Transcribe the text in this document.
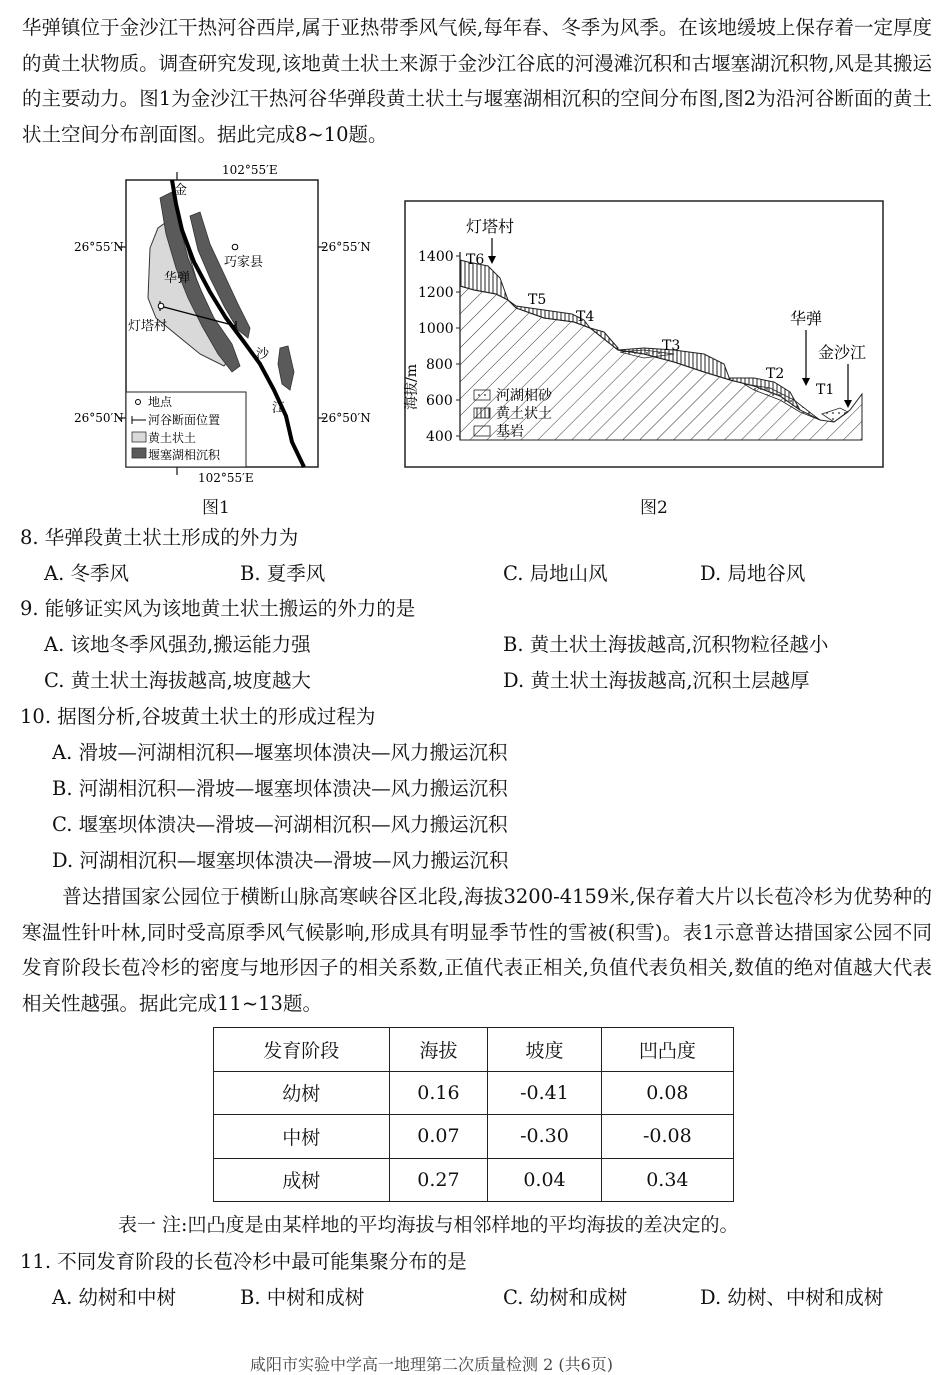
华弹镇位于金沙江干热河谷西岸,属于亚热带季风气候,每年春、冬季为风季。在该地缓坡上保存着一定厚度的黄土状物质。调查研究发现,该地黄土状土来源于金沙江谷底的河漫滩沉积和古堰塞湖沉积物,风是其搬运的主要动力。图1为金沙江干热河谷华弹段黄土状土与堰塞湖相沉积的空间分布图,图2为沿河谷断面的黄土状土空间分布剖面图。据此完成8~10题。

102°55′E
102°55′E
26°55′N	26°55′N
26°50′N	26°50′N
金
沙
江
巧家县
华弹
灯塔村
地点
河谷断面位置
黄土状土
堰塞湖相沉积
图1
1400
1200
1000
800
600
400
海拔/m
T6
T5
T4
T3
T2
T1
灯塔村
华弹
金沙江
河湖相砂
黄土状土
基岩
图2
8. 华弹段黄土状土形成的外力为
A. 冬季风	B. 夏季风	C. 局地山风	D. 局地谷风
9. 能够证实风为该地黄土状土搬运的外力的是
A. 该地冬季风强劲,搬运能力强	B. 黄土状土海拔越高,沉积物粒径越小
C. 黄土状土海拔越高,坡度越大	D. 黄土状土海拔越高,沉积土层越厚
10. 据图分析,谷坡黄土状土的形成过程为
A. 滑坡—河湖相沉积—堰塞坝体溃决—风力搬运沉积
B. 河湖相沉积—滑坡—堰塞坝体溃决—风力搬运沉积
C. 堰塞坝体溃决—滑坡—河湖相沉积—风力搬运沉积
D. 河湖相沉积—堰塞坝体溃决—滑坡—风力搬运沉积

普达措国家公园位于横断山脉高寒峡谷区北段,海拔3200-4159米,保存着大片以长苞冷杉为优势种的寒温性针叶林,同时受高原季风气候影响,形成具有明显季节性的雪被(积雪)。表1示意普达措国家公园不同发育阶段长苞冷杉的密度与地形因子的相关系数,正值代表正相关,负值代表负相关,数值的绝对值越大代表相关性越强。据此完成11~13题。

发育阶段	海拔	坡度	凹凸度
幼树	0.16	-0.41	0.08
中树	0.07	-0.30	-0.08
成树	0.27	0.04	0.34
表一 注:凹凸度是由某样地的平均海拔与相邻样地的平均海拔的差决定的。
11. 不同发育阶段的长苞冷杉中最可能集聚分布的是
A. 幼树和中树	B. 中树和成树	C. 幼树和成树	D. 幼树、中树和成树
咸阳市实验中学高一地理第二次质量检测 2 (共6页)
